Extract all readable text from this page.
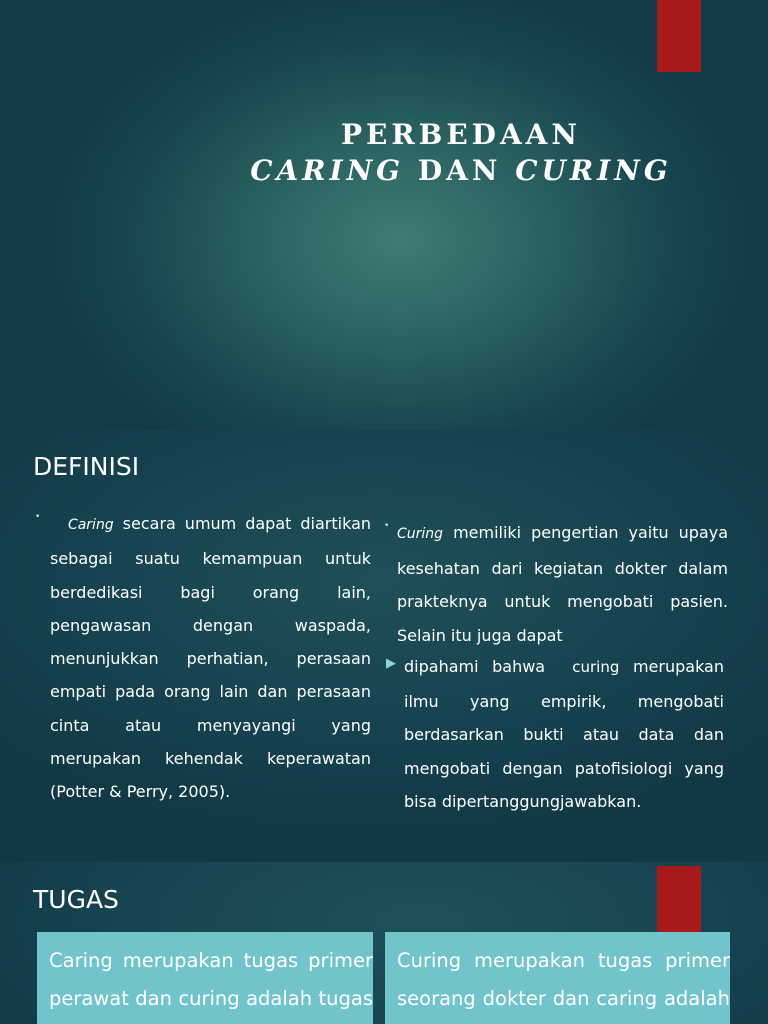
PERBEDAAN
CARING DAN CURING
DEFINISI
•	Caring secara umum dapat diartikan sebagai suatu kemampuan untuk berdedikasi bagi orang lain, pengawasan dengan waspada, menunjukkan perhatian, perasaan empati pada orang lain dan perasaan cinta atau menyayangi yang merupakan kehendak keperawatan (Potter & Perry, 2005).
• Curing memiliki pengertian yaitu upaya kesehatan dari kegiatan dokter dalam prakteknya untuk mengobati pasien. Selain itu juga dapat
▶ dipahami bahwa curing merupakan ilmu yang empirik, mengobati berdasarkan bukti atau data dan mengobati dengan patofisiologi yang bisa dipertanggungjawabkan.
TUGAS

Caring merupakan tugas primer perawat dan curing adalah tugas

Curing merupakan tugas primer seorang dokter dan caring adalah
